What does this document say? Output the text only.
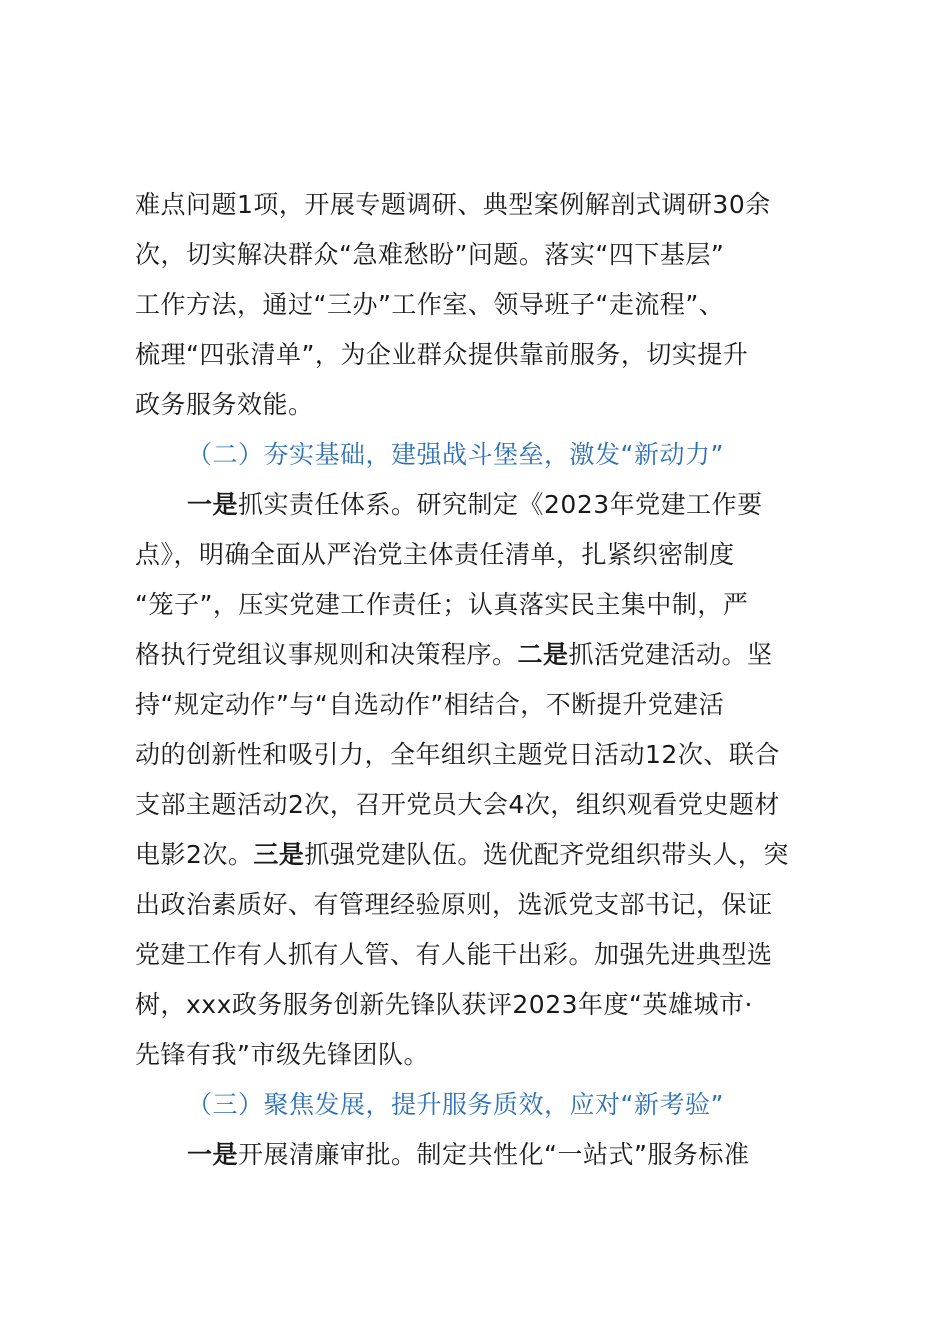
难点问题1项，开展专题调研、典型案例解剖式调研30余
次，切实解决群众“急难愁盼”问题。落实“四下基层”
工作方法，通过“三办”工作室、领导班子“走流程”、
梳理“四张清单”，为企业群众提供靠前服务，切实提升
政务服务效能。
（二）夯实基础，建强战斗堡垒，激发“新动力”
一是抓实责任体系。研究制定《2023年党建工作要
点》，明确全面从严治党主体责任清单，扎紧织密制度
“笼子”，压实党建工作责任；认真落实民主集中制，严
格执行党组议事规则和决策程序。二是抓活党建活动。坚
持“规定动作”与“自选动作”相结合，不断提升党建活
动的创新性和吸引力，全年组织主题党日活动12次、联合
支部主题活动2次，召开党员大会4次，组织观看党史题材
电影2次。三是抓强党建队伍。选优配齐党组织带头人，突
出政治素质好、有管理经验原则，选派党支部书记，保证
党建工作有人抓有人管、有人能干出彩。加强先进典型选
树，xxx政务服务创新先锋队获评2023年度“英雄城市·
先锋有我”市级先锋团队。
（三）聚焦发展，提升服务质效，应对“新考验”
一是开展清廉审批。制定共性化“一站式”服务标准
